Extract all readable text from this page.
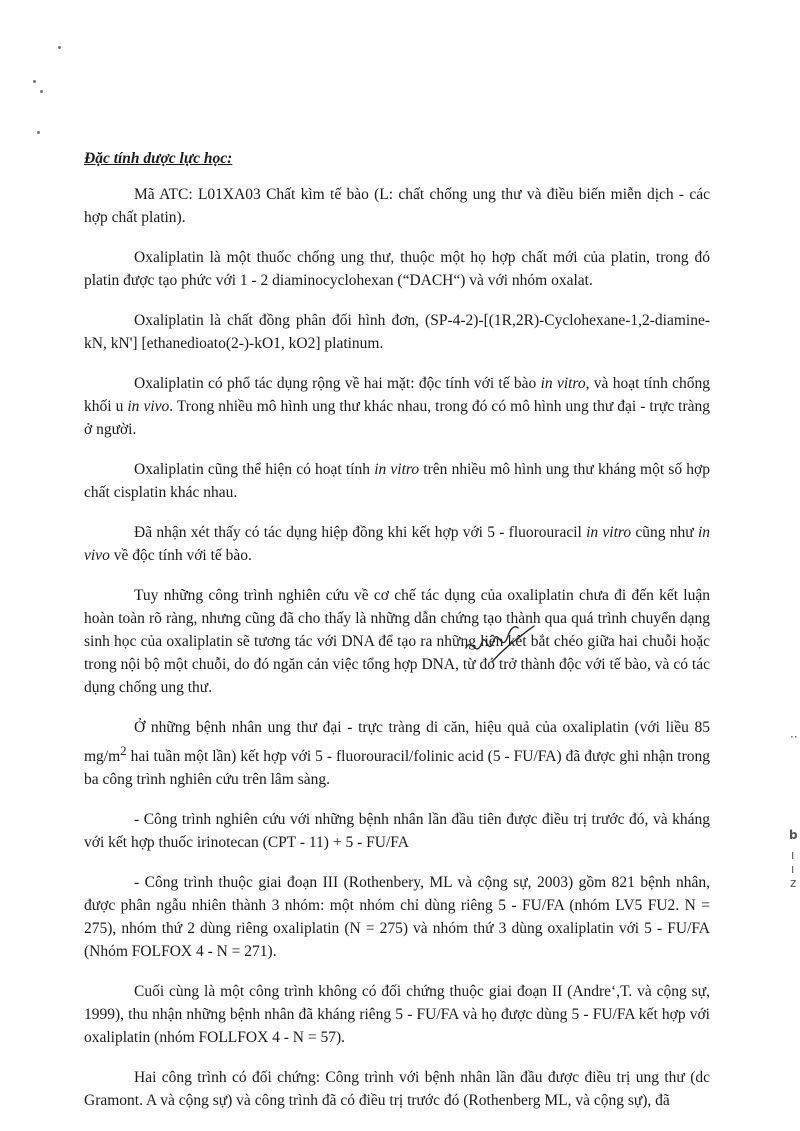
··
b
ı
ı
z
Đặc tính dược lực học:

Mã ATC: L01XA03 Chất kìm tế bào (L: chất chống ung thư và điều biến miễn dịch - các hợp chất platin).

Oxaliplatin là một thuốc chống ung thư, thuộc một họ hợp chất mới của platin, trong đó platin được tạo phức với 1 - 2 diaminocyclohexan (“DACH“) và với nhóm oxalat.

Oxaliplatin là chất đồng phân đối hình đơn, (SP-4-2)-[(1R,2R)-Cyclohexane-1,2-diamine-kN, kN'] [ethanedioato(2-)-kO1, kO2] platinum.

Oxaliplatin có phổ tác dụng rộng về hai mặt: độc tính với tế bào in vitro, và hoạt tính chống khối u in vivo. Trong nhiều mô hình ung thư khác nhau, trong đó có mô hình ung thư đại - trực tràng ở người.

Oxaliplatin cũng thể hiện có hoạt tính in vitro trên nhiều mô hình ung thư kháng một số hợp chất cisplatin khác nhau.

Đã nhận xét thấy có tác dụng hiệp đồng khi kết hợp với 5 - fluorouracil in vitro cũng như in vivo về độc tính với tế bào.

Tuy những công trình nghiên cứu về cơ chế tác dụng của oxaliplatin chưa đi đến kết luận hoàn toàn rõ ràng, nhưng cũng đã cho thấy là những dẫn chứng tạo thành qua quá trình chuyển dạng sinh học của oxaliplatin sẽ tương tác với DNA để tạo ra những liên kết bắt chéo giữa hai chuỗi hoặc trong nội bộ một chuỗi, do đó ngăn cản việc tổng hợp DNA, từ đó trở thành độc với tế bào, và có tác dụng chống ung thư.

Ở những bệnh nhân ung thư đại - trực tràng di căn, hiệu quả của oxaliplatin (với liều 85 $mg/m^2$ hai tuần một lần) kết hợp với 5 - fluorouracil/folinic acid (5 - FU/FA) đã được ghi nhận trong ba công trình nghiên cứu trên lâm sàng.

- Công trình nghiên cứu với những bệnh nhân lần đầu tiên được điều trị trước đó, và kháng với kết hợp thuốc irinotecan (CPT - 11) + 5 - FU/FA

- Công trình thuộc giai đoạn III (Rothenbery, ML và cộng sự, 2003) gồm 821 bệnh nhân, được phân ngẫu nhiên thành 3 nhóm: một nhóm chỉ dùng riêng 5 - FU/FA (nhóm LV5 FU2. N = 275), nhóm thứ 2 dùng riêng oxaliplatin (N = 275) và nhóm thứ 3 dùng oxaliplatin với 5 - FU/FA (Nhóm FOLFOX 4 - N = 271).

Cuối cùng là một công trình không có đối chứng thuộc giai đoạn II (Andre‘,T. và cộng sự, 1999), thu nhận những bệnh nhân đã kháng riêng 5 - FU/FA và họ được dùng 5 - FU/FA kết hợp với oxaliplatin (nhóm FOLLFOX 4 - N = 57).

Hai công trình có đối chứng: Công trình với bệnh nhân lần đầu được điều trị ung thư (dc Gramont. A và cộng sự) và công trình đã có điều trị trước đó (Rothenberg ML, và cộng sự), đã
